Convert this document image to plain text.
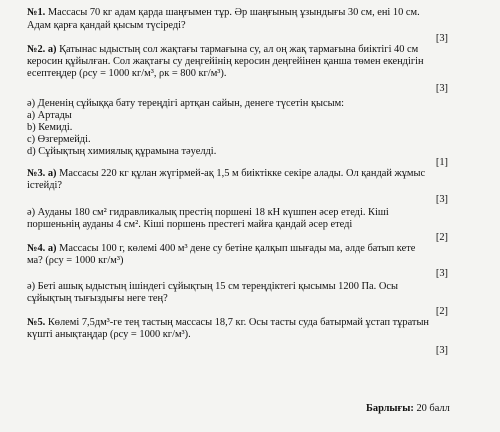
№1. Массасы 70 кг адам қарда шаңғымен тұр. Әр шаңғының ұзындығы 30 см, ені 10 см.
Адам қарға қандай қысым түсіреді?
[3]
№2. а) Қатынас ыдыстың сол жақтағы тармағына су, ал оң жақ тармағына биіктігі 40 см
керосин құйылған. Сол жақтағы су деңгейінің керосин деңгейінен қанша төмен екендігін
есептеңдер (ρсу = 1000 кг/м³, ρк = 800 кг/м³).
[3]
ә) Дененің сұйыққа бату тереңдігі артқан сайын, денеге түсетін қысым:
a) Артады
b) Кемиді.
c) Өзгермейді.
d) Сұйықтың химиялық құрамына тәуелді.
[1]
№3. а) Массасы 220 кг құлан жүгірмей-ақ 1,5 м биіктікке секіре алады. Ол қандай жұмыс
істейді?
[3]
ә) Ауданы 180 см² гидравликалық престің поршені 18 кН күшпен әсер етеді. Кіші
поршеньнің ауданы 4 см². Кіші поршень престегі майға қандай әсер етеді
[2]
№4. а) Массасы 100 г, көлемі 400 м³ дене су бетіне қалқып шығады ма, әлде батып кете
ма? (ρсу = 1000 кг/м³)
[3]
ә) Беті ашық ыдыстың ішіндегі сұйықтың 15 см тереңдіктегі қысымы 1200 Па. Осы
сұйықтың тығыздығы неге тең?
[2]
№5. Көлемі 7,5дм³-ге тең тастың массасы 18,7 кг. Осы тасты суда батырмай ұстап тұратын
күшті анықтаңдар (ρсу = 1000 кг/м³).
[3]
Барлығы: 20 балл
